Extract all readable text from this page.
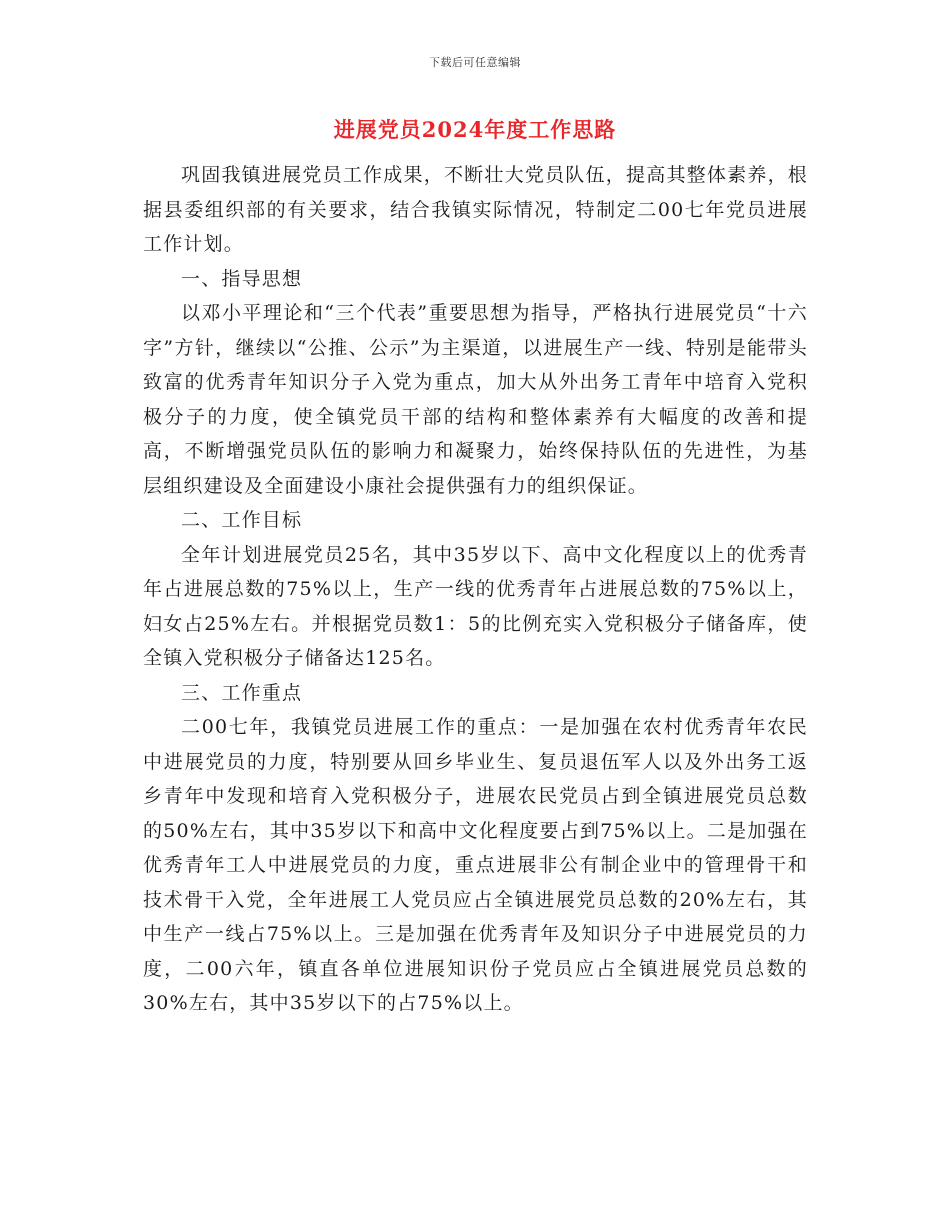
下载后可任意编辑
进展党员2024年度工作思路

巩固我镇进展党员工作成果，不断壮大党员队伍，提高其整体素养，根据县委组织部的有关要求，结合我镇实际情况，特制定二00七年党员进展工作计划。

一、指导思想

以邓小平理论和“三个代表”重要思想为指导，严格执行进展党员“十六字”方针，继续以“公推、公示”为主渠道，以进展生产一线、特别是能带头致富的优秀青年知识分子入党为重点，加大从外出务工青年中培育入党积极分子的力度，使全镇党员干部的结构和整体素养有大幅度的改善和提高，不断增强党员队伍的影响力和凝聚力，始终保持队伍的先进性，为基层组织建设及全面建设小康社会提供强有力的组织保证。

二、工作目标

全年计划进展党员25名，其中35岁以下、高中文化程度以上的优秀青年占进展总数的75%以上，生产一线的优秀青年占进展总数的75%以上，妇女占25%左右。并根据党员数1：5的比例充实入党积极分子储备库，使全镇入党积极分子储备达125名。

三、工作重点

二00七年，我镇党员进展工作的重点：一是加强在农村优秀青年农民中进展党员的力度，特别要从回乡毕业生、复员退伍军人以及外出务工返乡青年中发现和培育入党积极分子，进展农民党员占到全镇进展党员总数的50%左右，其中35岁以下和高中文化程度要占到75%以上。二是加强在优秀青年工人中进展党员的力度，重点进展非公有制企业中的管理骨干和技术骨干入党，全年进展工人党员应占全镇进展党员总数的20%左右，其中生产一线占75%以上。三是加强在优秀青年及知识分子中进展党员的力度，二00六年，镇直各单位进展知识份子党员应占全镇进展党员总数的30%左右，其中35岁以下的占75%以上。
